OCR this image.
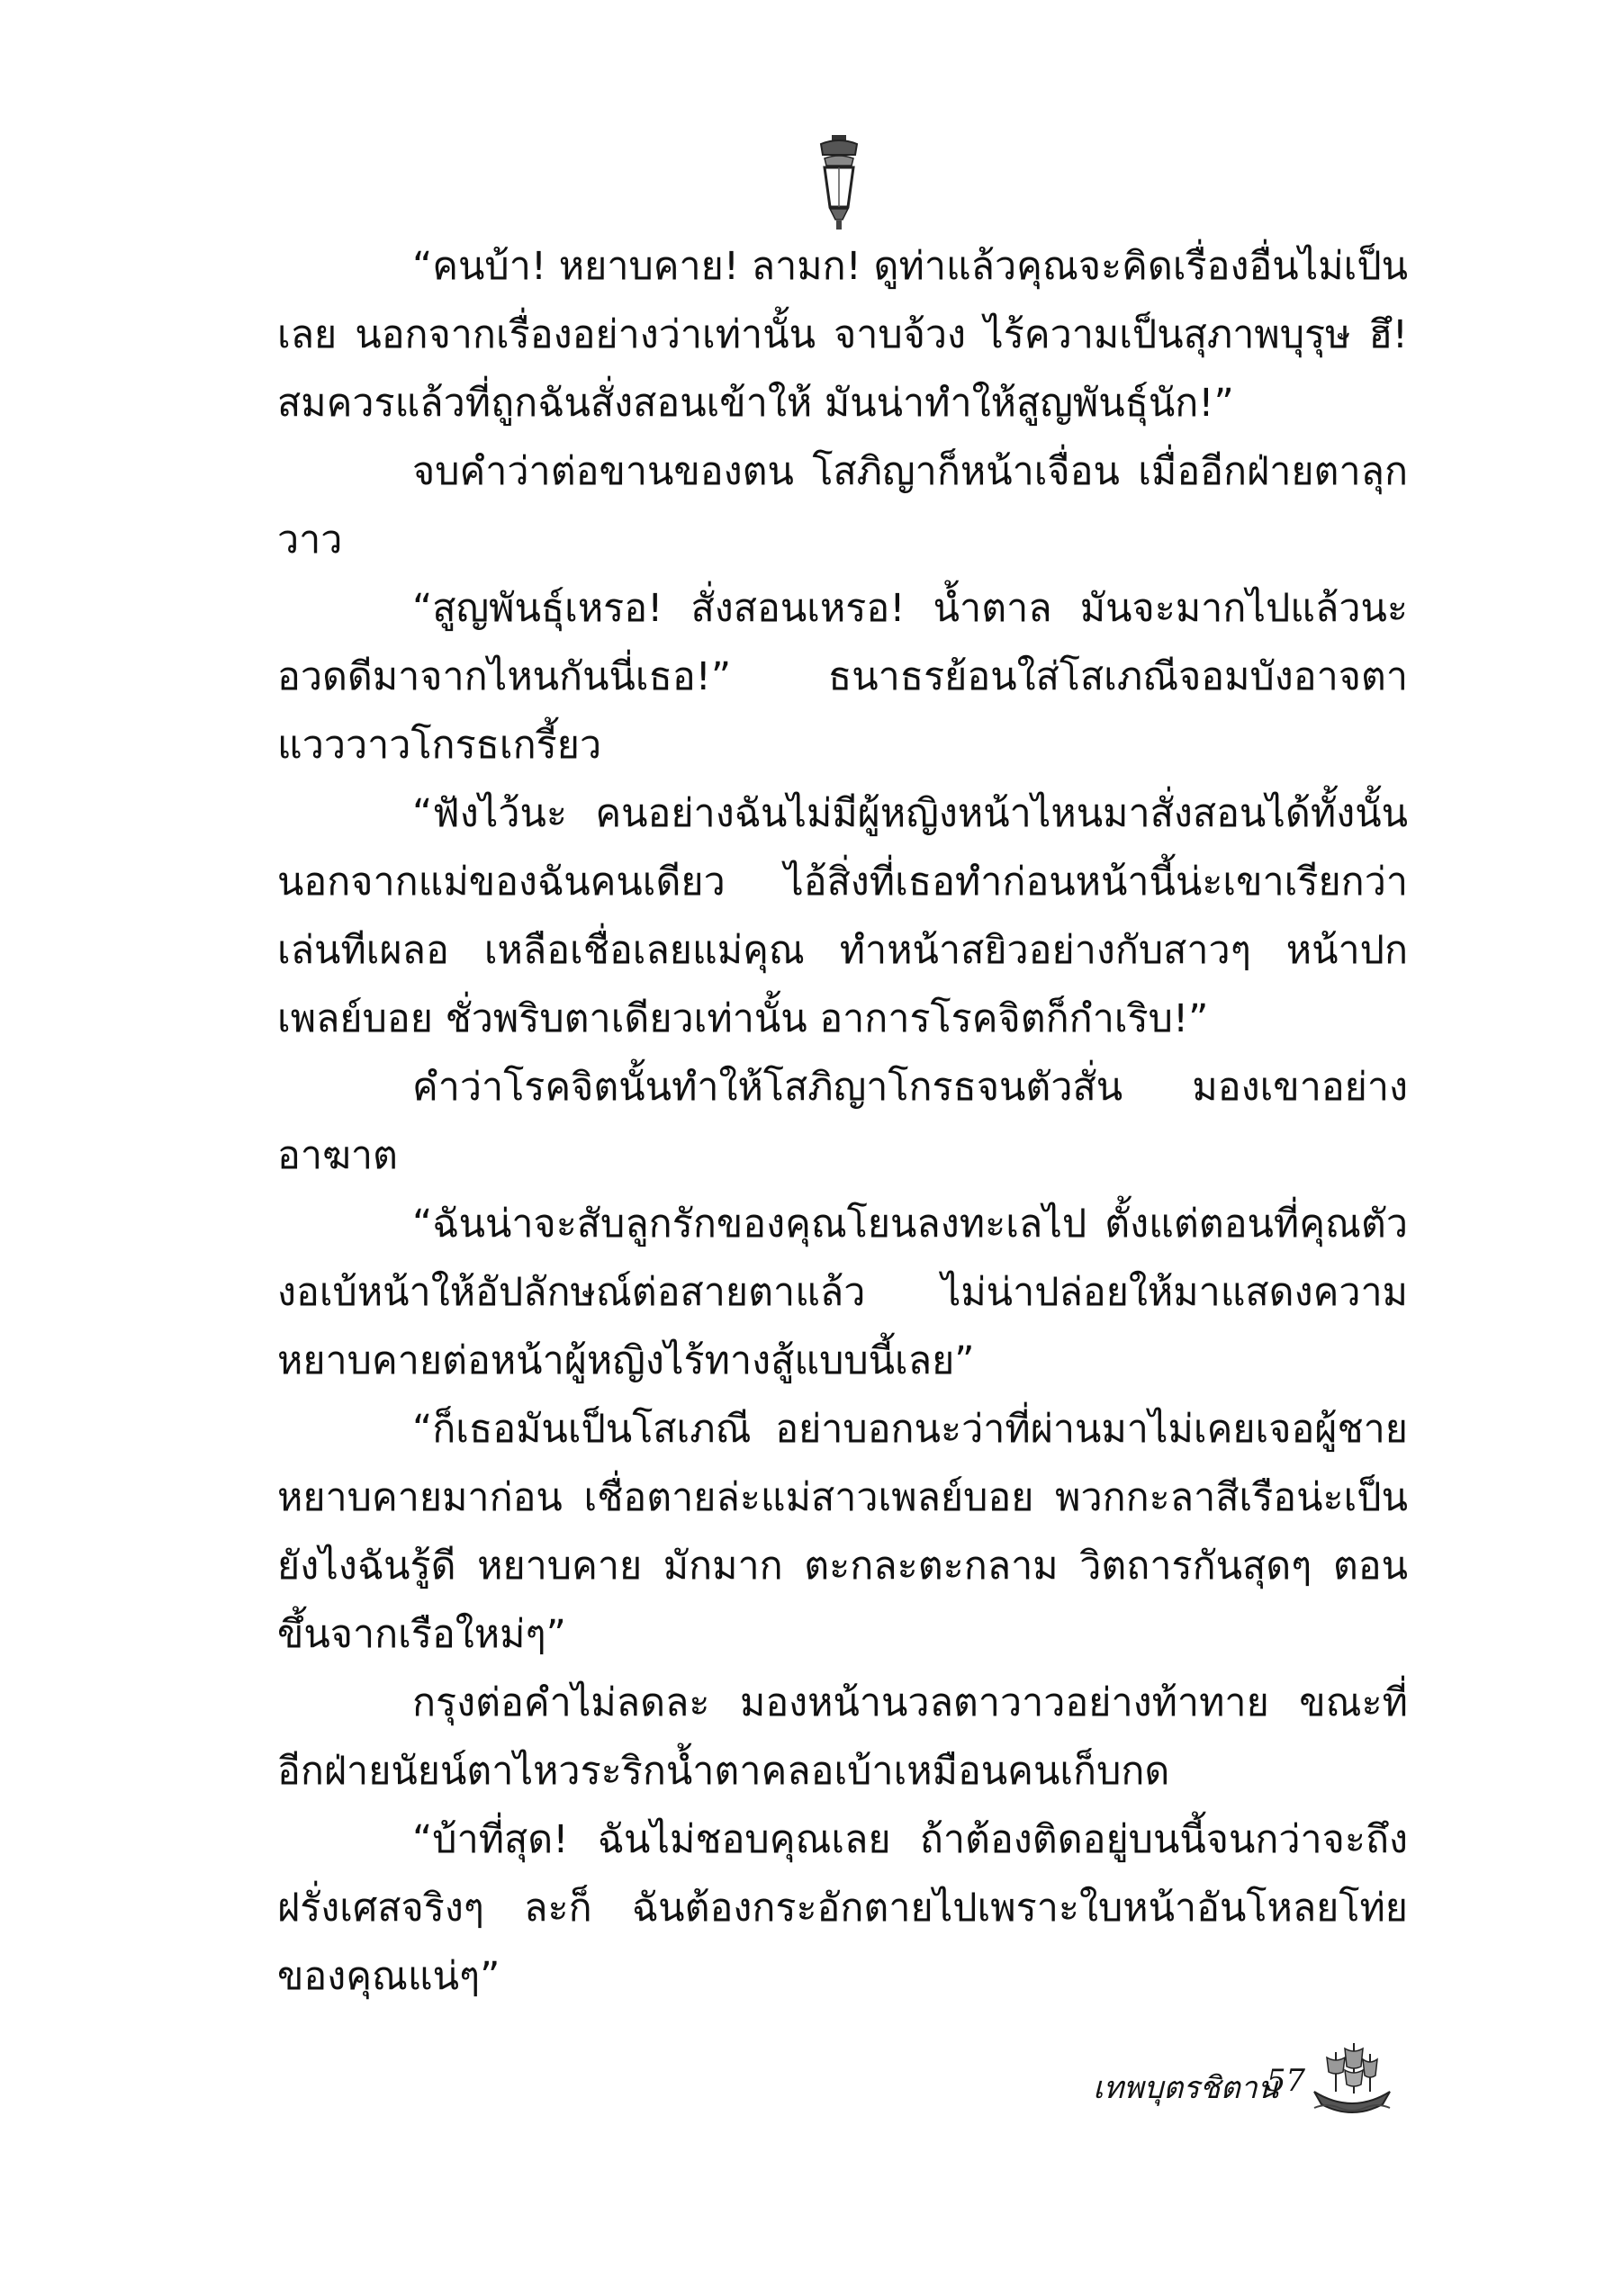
“คนบ้า! หยาบคาย! ลามก! ดูท่าแล้วคุณจะคิดเรื่องอื่นไม่เป็นเลย นอกจากเรื่องอย่างว่าเท่านั้น จาบจ้วง ไร้ความเป็นสุภาพบุรุษ ฮึ! สมควรแล้วที่ถูกฉันสั่งสอนเข้าให้ มันน่าทำให้สูญพันธุ์นัก!”

จบคำว่าต่อขานของตน โสภิญาก็หน้าเจื่อน เมื่ออีกฝ่ายตาลุกวาว

“สูญพันธุ์เหรอ! สั่งสอนเหรอ! น้ำตาล มันจะมากไปแล้วนะ อวดดีมาจากไหนกันนี่เธอ!” ธนาธรย้อนใส่โสเภณีจอมบังอาจตาแวววาวโกรธเกรี้ยว

“ฟังไว้นะ คนอย่างฉันไม่มีผู้หญิงหน้าไหนมาสั่งสอนได้ทั้งนั้น นอกจากแม่ของฉันคนเดียว ไอ้สิ่งที่เธอทำก่อนหน้านี้น่ะเขาเรียกว่าเล่นทีเผลอ เหลือเชื่อเลยแม่คุณ ทำหน้าสยิวอย่างกับสาวๆ หน้าปกเพลย์บอย ชั่วพริบตาเดียวเท่านั้น อาการโรคจิตก็กำเริบ!”

คำว่าโรคจิตนั้นทำให้โสภิญาโกรธจนตัวสั่น มองเขาอย่างอาฆาต

“ฉันน่าจะสับลูกรักของคุณโยนลงทะเลไป ตั้งแต่ตอนที่คุณตัวงอเบ้หน้าให้อัปลักษณ์ต่อสายตาแล้ว ไม่น่าปล่อยให้มาแสดงความหยาบคายต่อหน้าผู้หญิงไร้ทางสู้แบบนี้เลย”

“ก็เธอมันเป็นโสเภณี อย่าบอกนะว่าที่ผ่านมาไม่เคยเจอผู้ชายหยาบคายมาก่อน เชื่อตายล่ะแม่สาวเพลย์บอย พวกกะลาสีเรือน่ะเป็นยังไงฉันรู้ดี หยาบคาย มักมาก ตะกละตะกลาม วิตถารกันสุดๆ ตอนขึ้นจากเรือใหม่ๆ”

กรุงต่อคำไม่ลดละ มองหน้านวลตาวาวอย่างท้าทาย ขณะที่อีกฝ่ายนัยน์ตาไหวระริกน้ำตาคลอเบ้าเหมือนคนเก็บกด

“บ้าที่สุด! ฉันไม่ชอบคุณเลย ถ้าต้องติดอยู่บนนี้จนกว่าจะถึงฝรั่งเศสจริงๆ ละก็ ฉันต้องกระอักตายไปเพราะใบหน้าอันโหลยโท่ยของคุณแน่ๆ”

เทพบุตรชิตาน
57
